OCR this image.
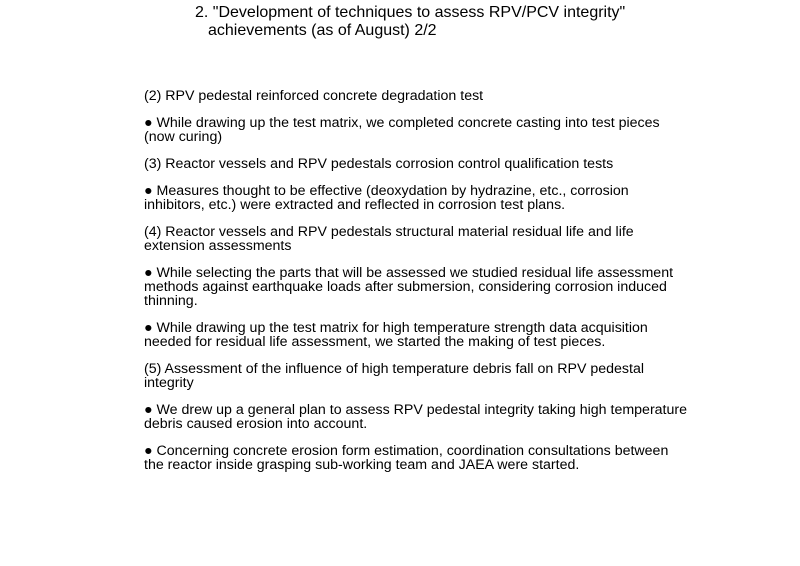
2. "Development of techniques to assess RPV/PCV integrity"
achievements (as of August) 2/2

(2) RPV pedestal reinforced concrete degradation test

● While drawing up the test matrix, we completed concrete casting into test pieces (now curing)

(3) Reactor vessels and RPV pedestals corrosion control qualification tests

● Measures thought to be effective (deoxydation by hydrazine, etc., corrosion inhibitors, etc.) were extracted and reflected in corrosion test plans.

(4) Reactor vessels and RPV pedestals structural material residual life and life extension assessments

● While selecting the parts that will be assessed we studied residual life assessment methods against earthquake loads after submersion, considering corrosion induced thinning.

● While drawing up the test matrix for high temperature strength data acquisition needed for residual life assessment, we started the making of test pieces.

(5) Assessment of the influence of high temperature debris fall on RPV pedestal integrity

● We drew up a general plan to assess RPV pedestal integrity taking high temperature debris caused erosion into account.

● Concerning concrete erosion form estimation, coordination consultations between the reactor inside grasping sub-working team and JAEA were started.
